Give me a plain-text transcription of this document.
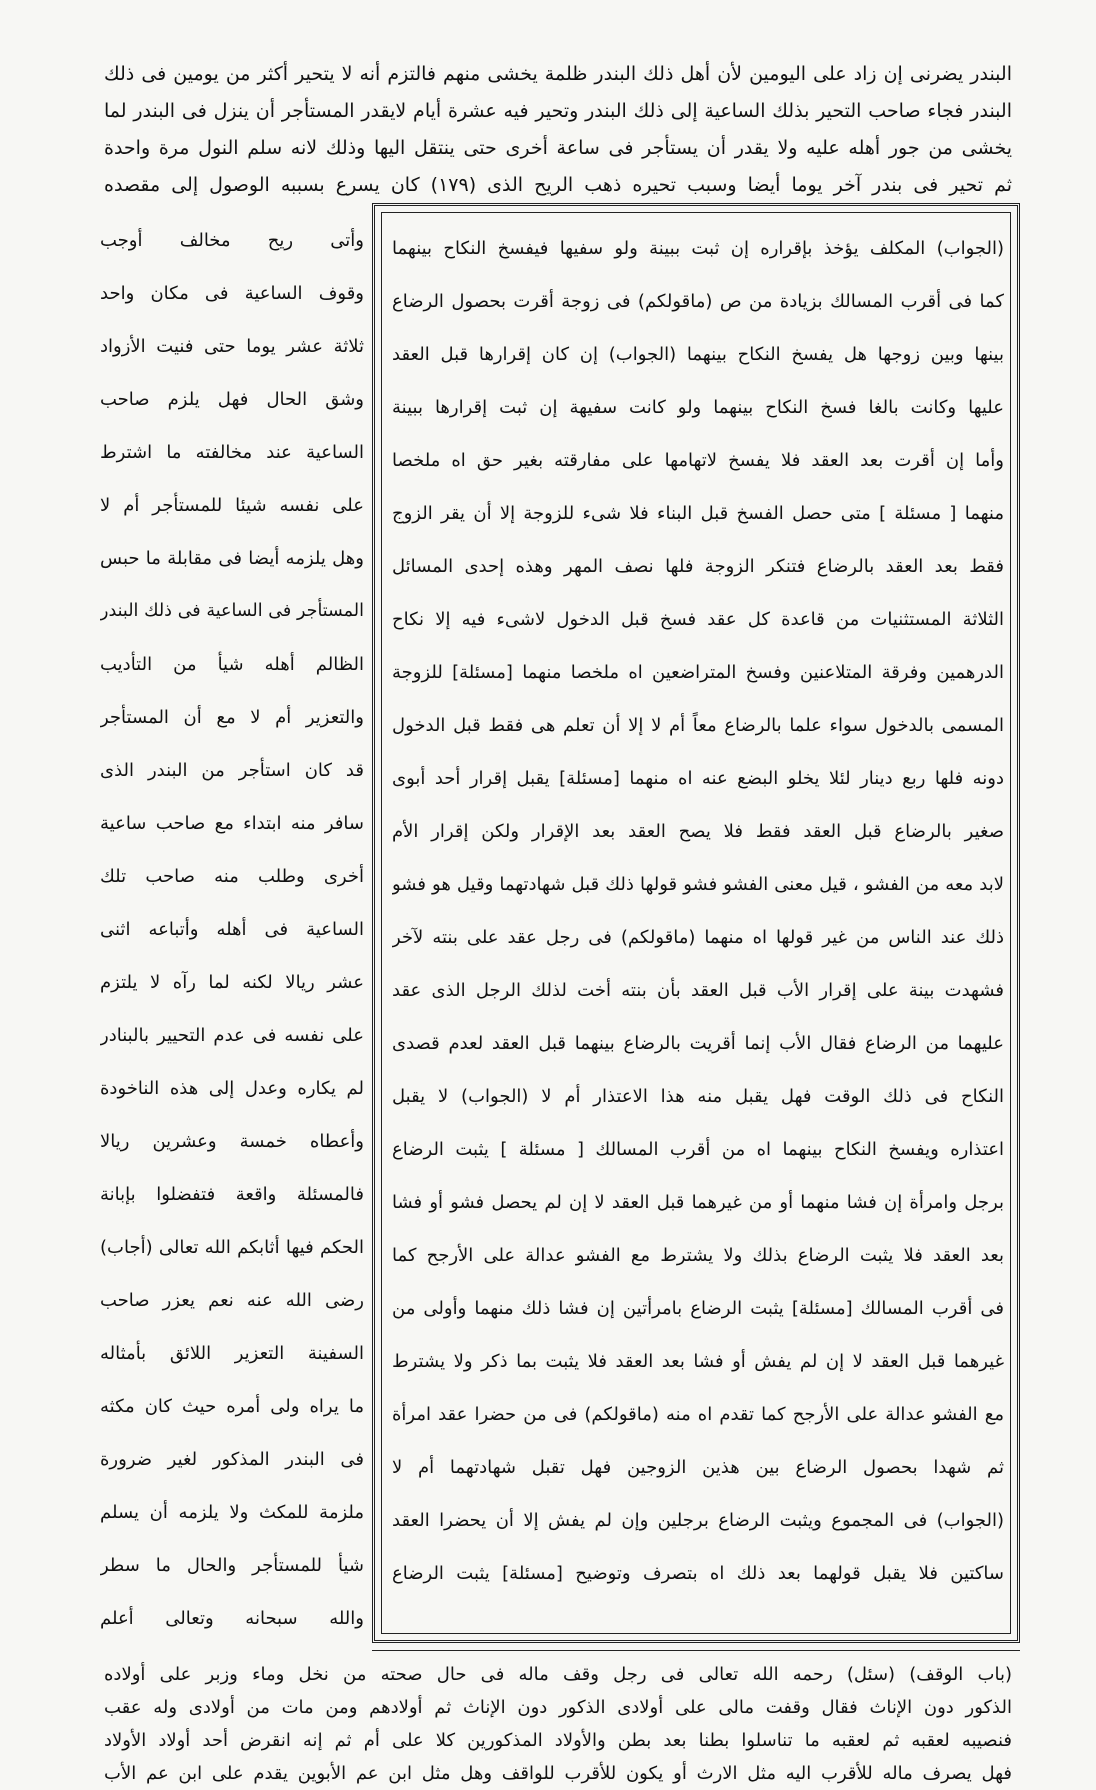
البندر يضرنى إن زاد على اليومين لأن أهل ذلك البندر ظلمة يخشى منهم فالتزم أنه لا يتحير أكثر من يومين فى ذلك
البندر فجاء صاحب التحير بذلك الساعية إلى ذلك البندر وتحير فيه عشرة أيام لايقدر المستأجر أن ينزل فى البندر لما
يخشى من جور أهله عليه ولا يقدر أن يستأجر فى ساعة أخرى حتى ينتقل اليها وذلك لانه سلم النول مرة واحدة
ثم تحير فى بندر آخر يوما أيضا وسبب تحيره ذهب الريح الذى (١٧٩) كان يسرع بسببه الوصول إلى مقصده
(الجواب) المكلف يؤخذ بإقراره إن ثبت ببينة ولو سفيها فيفسخ النكاح بينهما
كما فى أقرب المسالك بزيادة من ص (ماقولكم) فى زوجة أقرت بحصول الرضاع
بينها وبين زوجها هل يفسخ النكاح بينهما (الجواب) إن كان إقرارها قبل العقد
عليها وكانت بالغا فسخ النكاح بينهما ولو كانت سفيهة إن ثبت إقرارها ببينة
وأما إن أقرت بعد العقد فلا يفسخ لاتهامها على مفارقته بغير حق اه ملخصا
منهما [ مسئلة ] متى حصل الفسخ قبل البناء فلا شىء للزوجة إلا أن يقر الزوج
فقط بعد العقد بالرضاع فتنكر الزوجة فلها نصف المهر وهذه إحدى المسائل
الثلاثة المستثنيات من قاعدة كل عقد فسخ قبل الدخول لاشىء فيه إلا نكاح
الدرهمين وفرقة المتلاعنين وفسخ المتراضعين اه ملخصا منهما [مسئلة] للزوجة
المسمى بالدخول سواء علما بالرضاع معاً أم لا إلا أن تعلم هى فقط قبل الدخول
دونه فلها ربع دينار لئلا يخلو البضع عنه اه منهما [مسئلة] يقبل إقرار أحد أبوى
صغير بالرضاع قبل العقد فقط فلا يصح العقد بعد الإقرار ولكن إقرار الأم
لابد معه من الفشو ، قيل معنى الفشو فشو قولها ذلك قبل شهادتهما وقيل هو فشو
ذلك عند الناس من غير قولها اه منهما (ماقولكم) فى رجل عقد على بنته لآخر
فشهدت بينة على إقرار الأب قبل العقد بأن بنته أخت لذلك الرجل الذى عقد
عليهما من الرضاع فقال الأب إنما أقريت بالرضاع بينهما قبل العقد لعدم قصدى
النكاح فى ذلك الوقت فهل يقبل منه هذا الاعتذار أم لا (الجواب) لا يقبل
اعتذاره ويفسخ النكاح بينهما اه من أقرب المسالك [ مسئلة ] يثبت الرضاع
برجل وامرأة إن فشا منهما أو من غيرهما قبل العقد لا إن لم يحصل فشو أو فشا
بعد العقد فلا يثبت الرضاع بذلك ولا يشترط مع الفشو عدالة على الأرجح كما
فى أقرب المسالك [مسئلة] يثبت الرضاع بامرأتين إن فشا ذلك منهما وأولى من
غيرهما قبل العقد لا إن لم يفش أو فشا بعد العقد فلا يثبت بما ذكر ولا يشترط
مع الفشو عدالة على الأرجح كما تقدم اه منه (ماقولكم) فى من حضرا عقد امرأة
ثم شهدا بحصول الرضاع بين هذين الزوجين فهل تقبل شهادتهما أم لا
(الجواب) فى المجموع ويثبت الرضاع برجلين وإن لم يفش إلا أن يحضرا العقد
ساكتين فلا يقبل قولهما بعد ذلك اه بتصرف وتوضيح [مسئلة] يثبت الرضاع
وأتى ريح مخالف أوجب
وقوف الساعية فى مكان واحد
ثلاثة عشر يوما حتى فنيت الأزواد
وشق الحال فهل يلزم صاحب
الساعية عند مخالفته ما اشترط
على نفسه شيئا للمستأجر أم لا
وهل يلزمه أيضا فى مقابلة ما حبس
المستأجر فى الساعية فى ذلك البندر
الظالم أهله شيأ من التأديب
والتعزير أم لا مع أن المستأجر
قد كان استأجر من البندر الذى
سافر منه ابتداء مع صاحب ساعية
أخرى وطلب منه صاحب تلك
الساعية فى أهله وأتباعه اثنى
عشر ريالا لكنه لما رآه لا يلتزم
على نفسه فى عدم التحيير بالبنادر
لم يكاره وعدل إلى هذه الناخودة
وأعطاه خمسة وعشرين ريالا
فالمسئلة واقعة فتفضلوا بإبانة
الحكم فيها أثابكم الله تعالى (أجاب)
رضى الله عنه نعم يعزر صاحب
السفينة التعزير اللائق بأمثاله
ما يراه ولى أمره حيث كان مكثه
فى البندر المذكور لغير ضرورة
ملزمة للمكث ولا يلزمه أن يسلم
شيأ للمستأجر والحال ما سطر
والله سبحانه وتعالى أعلم
(باب الوقف) (سئل) رحمه الله تعالى فى رجل وقف ماله فى حال صحته من نخل وماء وزبر على أولاده
الذكور دون الإناث فقال وقفت مالى على أولادى الذكور دون الإناث ثم أولادهم ومن مات من أولادى وله عقب
فنصيبه لعقبه ثم لعقبه ما تناسلوا بطنا بعد بطن والأولاد المذكورين كلا على أم ثم إنه انقرض أحد أولاد الأولاد
فهل يصرف ماله للأقرب اليه مثل الارث أو يكون للأقرب للواقف وهل مثل ابن عم الأبوين يقدم على ابن عم الأب
